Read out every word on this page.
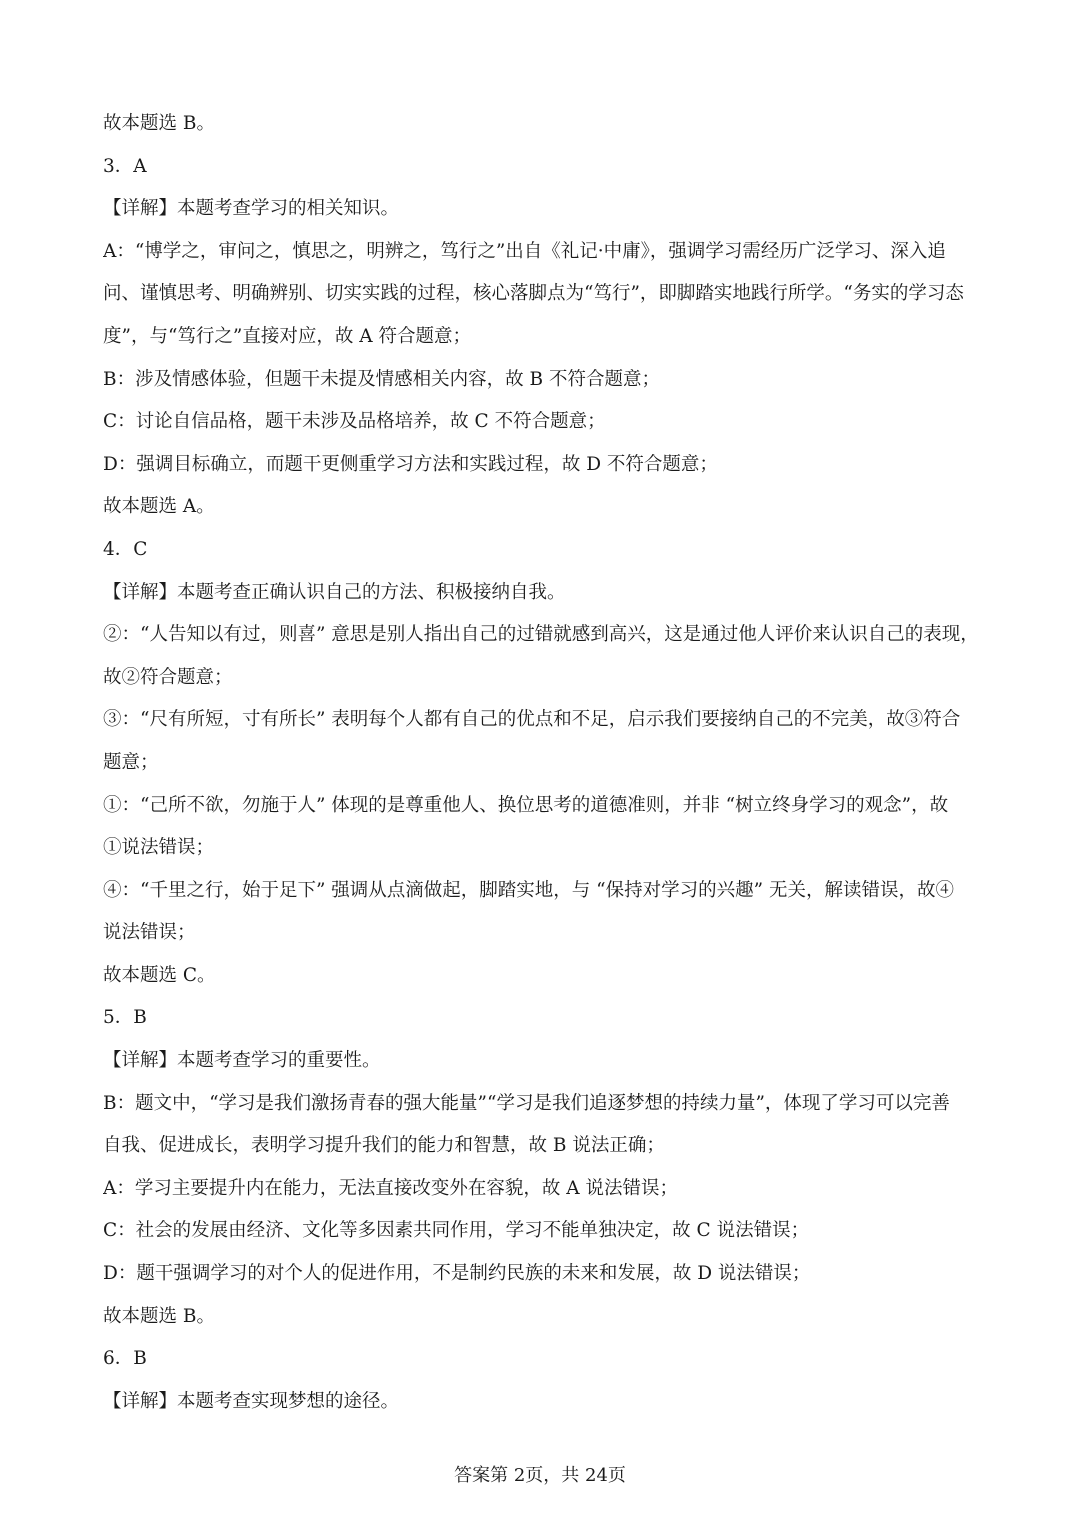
故本题选 B。
3．A
【详解】本题考查学习的相关知识。
A：“博学之，审问之，慎思之，明辨之，笃行之”出自《礼记·中庸》，强调学习需经历广泛学习、深入追
问、谨慎思考、明确辨别、切实实践的过程，核心落脚点为“笃行”，即脚踏实地践行所学。“务实的学习态
度”，与“笃行之”直接对应，故 A 符合题意；
B：涉及情感体验，但题干未提及情感相关内容，故 B 不符合题意；
C：讨论自信品格，题干未涉及品格培养，故 C 不符合题意；
D：强调目标确立，而题干更侧重学习方法和实践过程，故 D 不符合题意；
故本题选 A。
4．C
【详解】本题考查正确认识自己的方法、积极接纳自我。
②：“人告知以有过，则喜” 意思是别人指出自己的过错就感到高兴，这是通过他人评价来认识自己的表现，
故②符合题意；
③：“尺有所短，寸有所长” 表明每个人都有自己的优点和不足，启示我们要接纳自己的不完美，故③符合
题意；
①：“己所不欲，勿施于人” 体现的是尊重他人、换位思考的道德准则，并非 “树立终身学习的观念”，故
①说法错误；
④：“千里之行，始于足下” 强调从点滴做起，脚踏实地，与 “保持对学习的兴趣” 无关，解读错误，故④
说法错误；
故本题选 C。
5．B
【详解】本题考查学习的重要性。
B：题文中，“学习是我们激扬青春的强大能量”“学习是我们追逐梦想的持续力量”，体现了学习可以完善
自我、促进成长，表明学习提升我们的能力和智慧，故 B 说法正确；
A：学习主要提升内在能力，无法直接改变外在容貌，故 A 说法错误；
C：社会的发展由经济、文化等多因素共同作用，学习不能单独决定，故 C 说法错误；
D：题干强调学习的对个人的促进作用，不是制约民族的未来和发展，故 D 说法错误；
故本题选 B。
6．B
【详解】本题考查实现梦想的途径。
答案第 2页，共 24页
